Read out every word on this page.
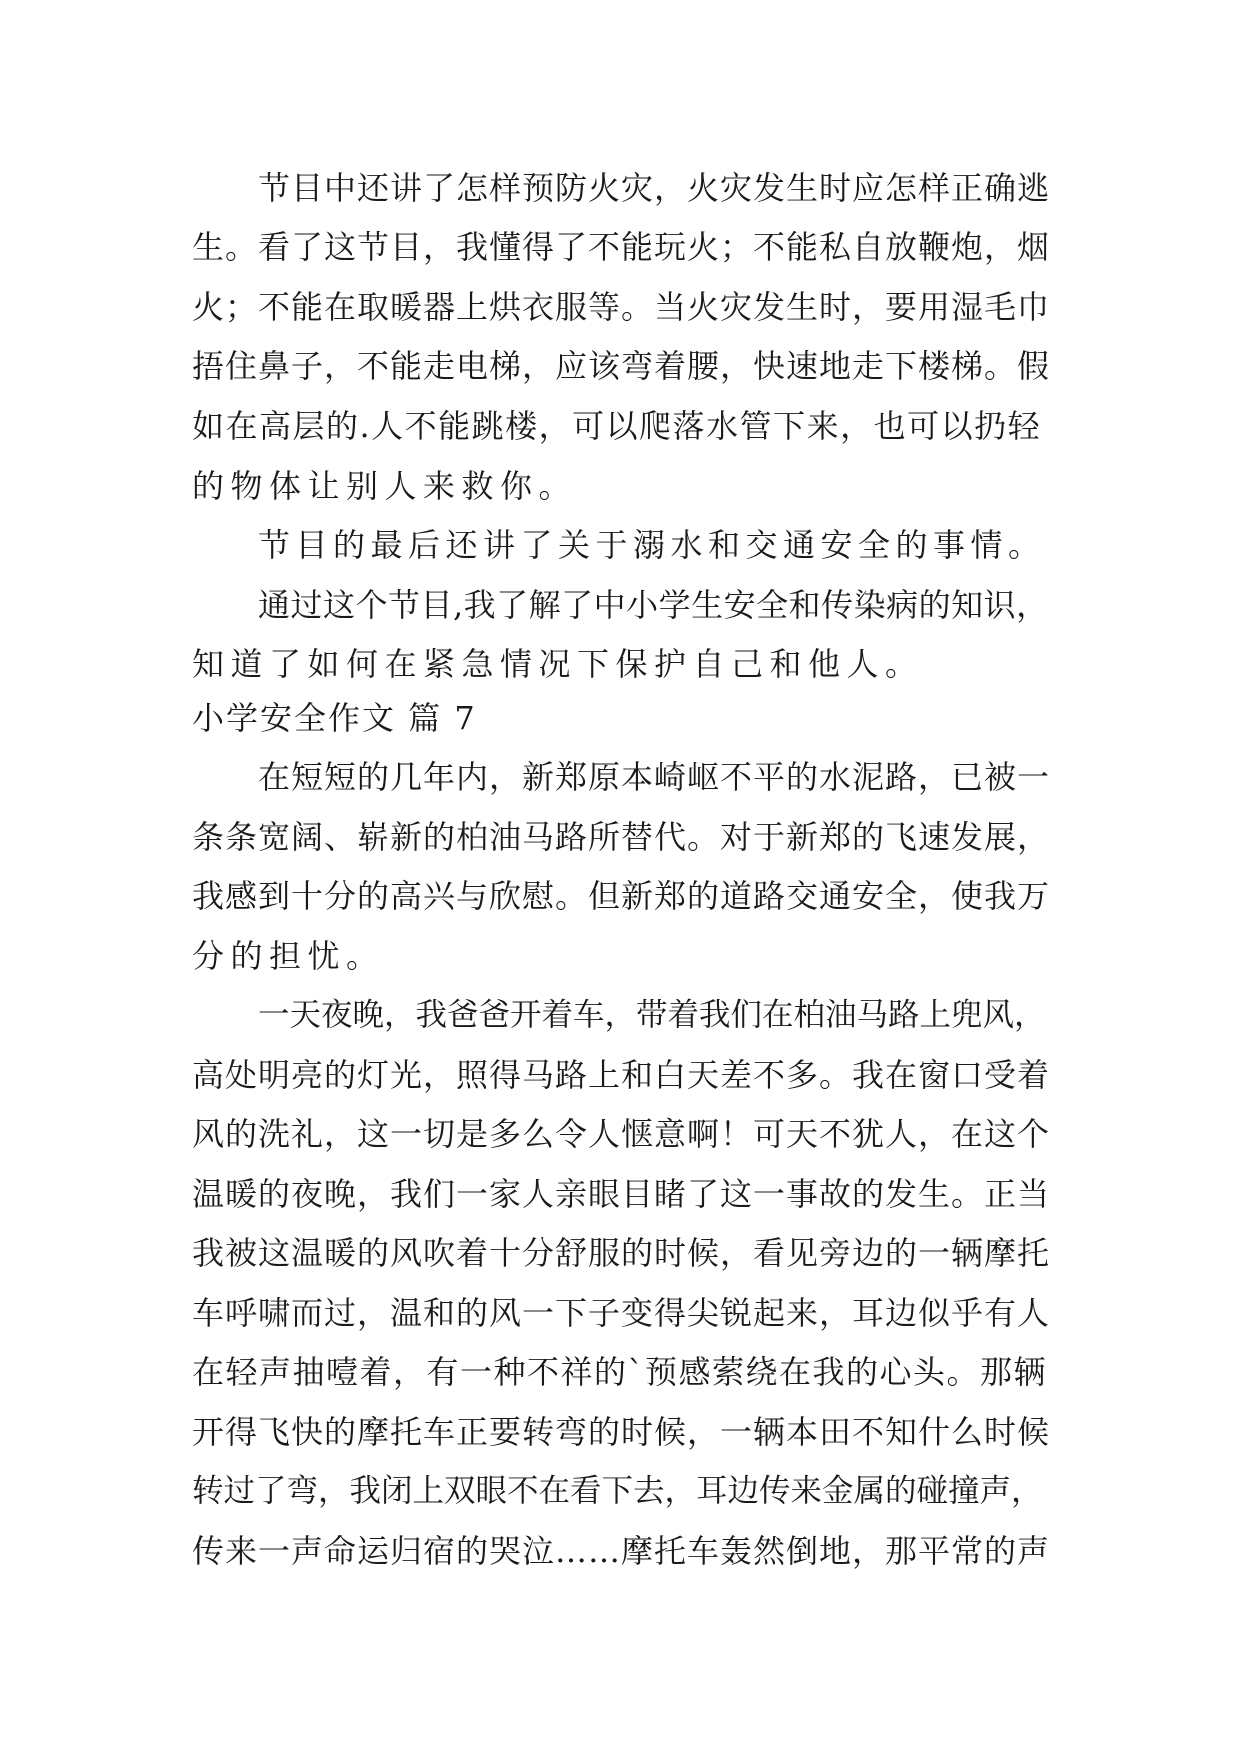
节目中还讲了怎样预防火灾，火灾发生时应怎样正确逃
生。看了这节目，我懂得了不能玩火；不能私自放鞭炮，烟
火；不能在取暖器上烘衣服等。当火灾发生时，要用湿毛巾
捂住鼻子，不能走电梯，应该弯着腰，快速地走下楼梯。假
如在高层的.人不能跳楼，可以爬落水管下来，也可以扔轻
的物体让别人来救你。
节目的最后还讲了关于溺水和交通安全的事情。
通过这个节目,我了解了中小学生安全和传染病的知识，
知道了如何在紧急情况下保护自己和他人。
小学安全作文 篇 7
在短短的几年内，新郑原本崎岖不平的水泥路，已被一
条条宽阔、崭新的柏油马路所替代。对于新郑的飞速发展，
我感到十分的高兴与欣慰。但新郑的道路交通安全，使我万
分的担忧。
一天夜晚，我爸爸开着车，带着我们在柏油马路上兜风，
高处明亮的灯光，照得马路上和白天差不多。我在窗口受着
风的洗礼，这一切是多么令人惬意啊！可天不犹人，在这个
温暖的夜晚，我们一家人亲眼目睹了这一事故的发生。正当
我被这温暖的风吹着十分舒服的时候，看见旁边的一辆摩托
车呼啸而过，温和的风一下子变得尖锐起来，耳边似乎有人
在轻声抽噎着，有一种不祥的`预感萦绕在我的心头。那辆
开得飞快的摩托车正要转弯的时候，一辆本田不知什么时候
转过了弯，我闭上双眼不在看下去，耳边传来金属的碰撞声，
传来一声命运归宿的哭泣……摩托车轰然倒地，那平常的声
